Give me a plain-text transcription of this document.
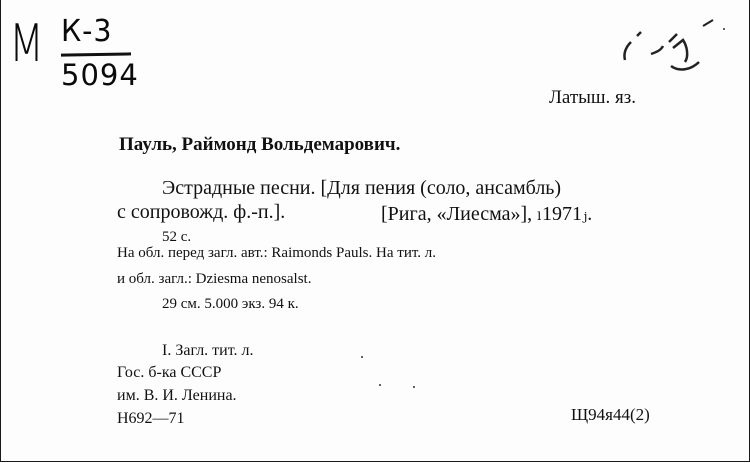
М К-3
5094
Латыш. яз.
Пауль, Раймонд Вольдемарович.
Эстрадные песни. [Для пения (соло, ансамбль)
с сопровожд. ф.-п.].	[Рига, «Лиесма»], ₗ1971ⱼ.
52 с.
На обл. перед загл. авт.: Raimonds Pauls. На тит. л.
и обл. загл.: Dziesma nenosalst.
29 см. 5.000 экз. 94 к.
I. Загл. тит. л.
Гос. б-ка СССР
им. В. И. Ленина.
Н692—71	Щ94я44(2)
